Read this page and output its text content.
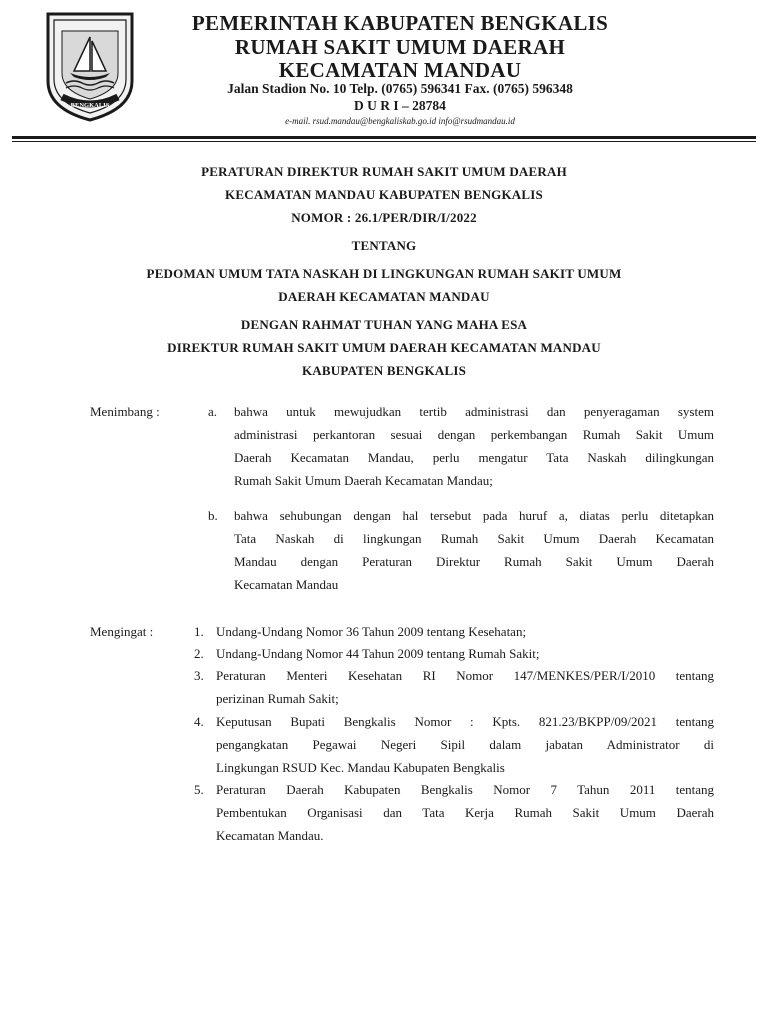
BENGKALIS
PEMERINTAH KABUPATEN BENGKALIS
RUMAH SAKIT UMUM DAERAH
KECAMATAN MANDAU
Jalan Stadion No. 10 Telp. (0765) 596341 Fax. (0765) 596348
D U R I – 28784
e-mail. rsud.mandau@bengkaliskab.go.id info@rsudmandau.id
PERATURAN DIREKTUR RUMAH SAKIT UMUM DAERAH
KECAMATAN MANDAU KABUPATEN BENGKALIS
NOMOR : 26.1/PER/DIR/I/2022
TENTANG
PEDOMAN UMUM TATA NASKAH DI LINGKUNGAN RUMAH SAKIT UMUM
DAERAH KECAMATAN MANDAU
DENGAN RAHMAT TUHAN YANG MAHA ESA
DIREKTUR RUMAH SAKIT UMUM DAERAH KECAMATAN MANDAU
KABUPATEN BENGKALIS
Menimbang :	a. bahwa untuk mewujudkan tertib administrasi dan penyeragaman system
administrasi perkantoran sesuai dengan perkembangan Rumah Sakit Umum
Daerah Kecamatan Mandau, perlu mengatur Tata Naskah dilingkungan
Rumah Sakit Umum Daerah Kecamatan Mandau;
b. bahwa sehubungan dengan hal tersebut pada huruf a, diatas perlu ditetapkan
Tata Naskah di lingkungan Rumah Sakit Umum Daerah Kecamatan
Mandau dengan Peraturan Direktur Rumah Sakit Umum Daerah
Kecamatan Mandau
Mengingat :	1. Undang-Undang Nomor 36 Tahun 2009 tentang Kesehatan;
2. Undang-Undang Nomor 44 Tahun 2009 tentang Rumah Sakit;
3. Peraturan Menteri Kesehatan RI Nomor 147/MENKES/PER/I/2010 tentang
perizinan Rumah Sakit;
4. Keputusan Bupati Bengkalis Nomor : Kpts. 821.23/BKPP/09/2021 tentang
pengangkatan Pegawai Negeri Sipil dalam jabatan Administrator di
Lingkungan RSUD Kec. Mandau Kabupaten Bengkalis
5. Peraturan Daerah Kabupaten Bengkalis Nomor 7 Tahun 2011 tentang
Pembentukan Organisasi dan Tata Kerja Rumah Sakit Umum Daerah
Kecamatan Mandau.
